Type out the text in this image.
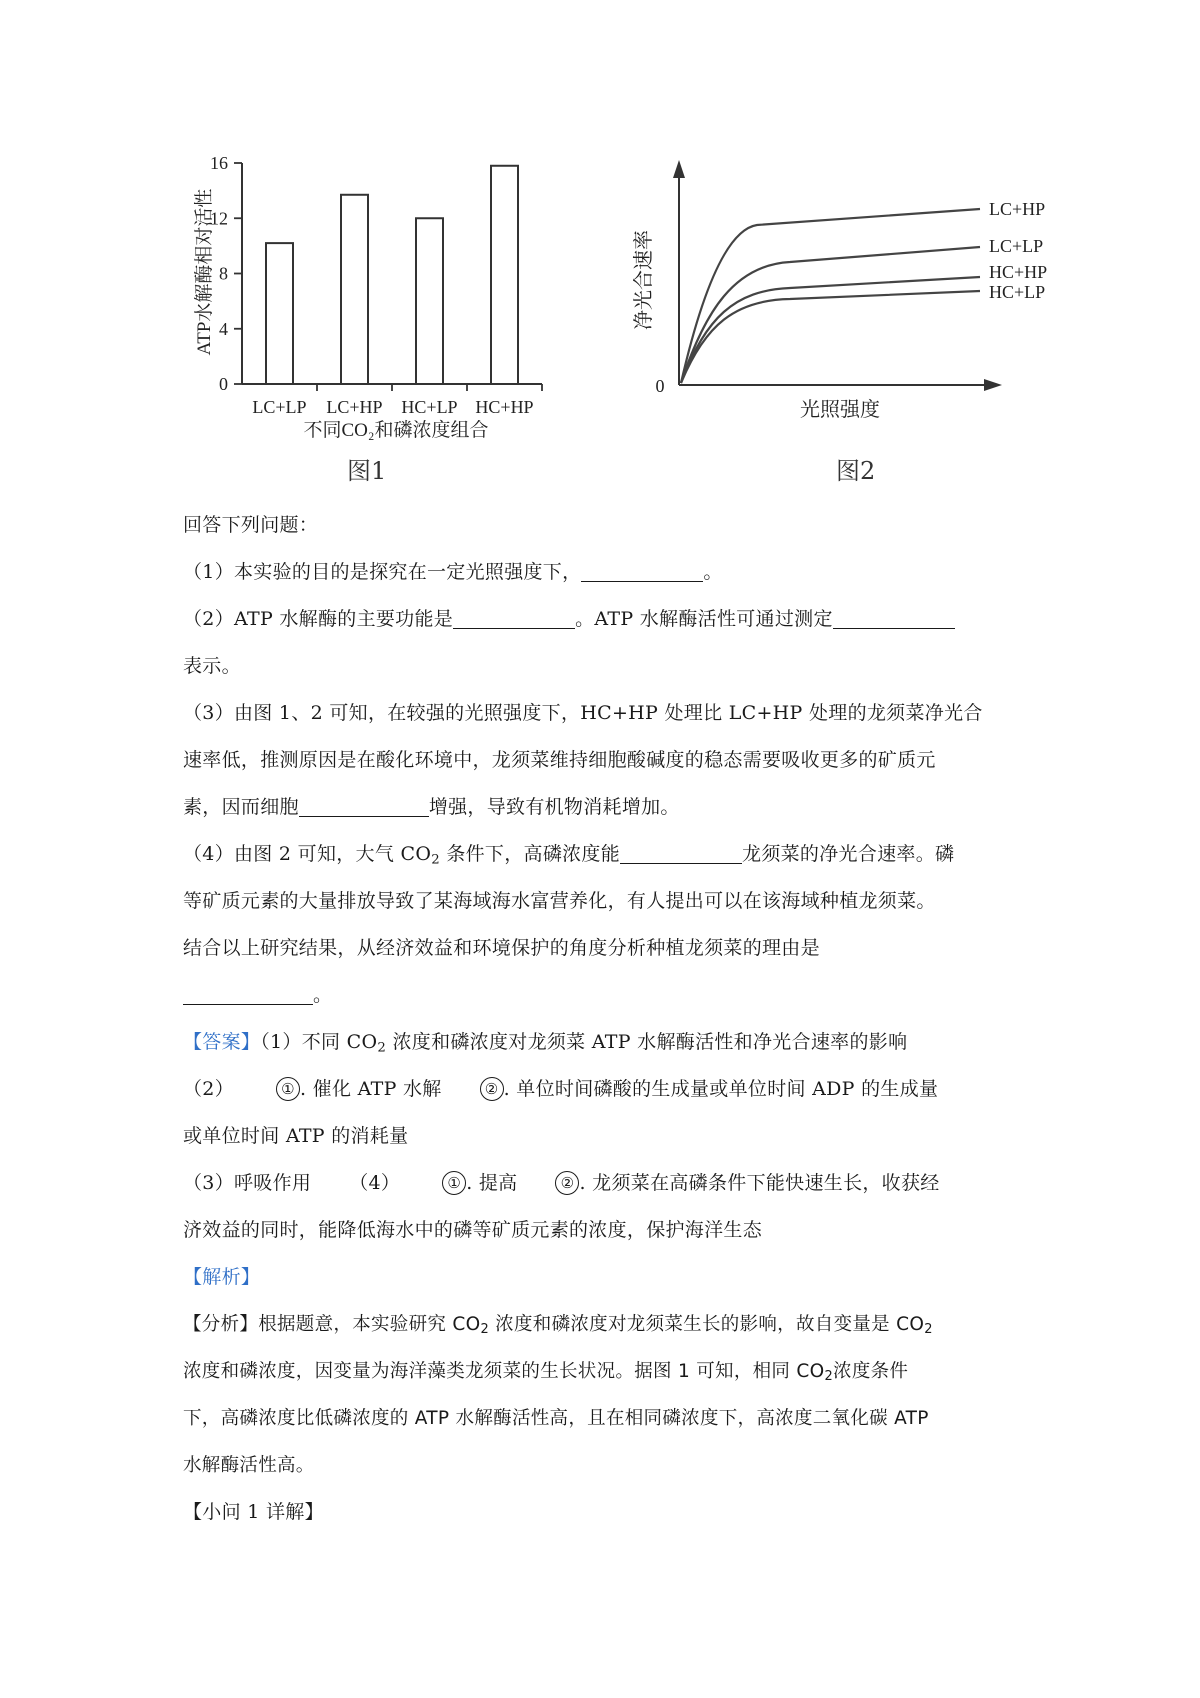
0
4
8
12
16
LC+LP LC+HP HC+LP HC+HP
ATP水解酶相对活性
不同CO₂和磷浓度组合
0
净光合速率
光照强度
LC+HP
LC+LP
HC+HP
HC+LP
图1	图2
回答下列问题：
（1）本实验的目的是探究在一定光照强度下，	。
（2）ATP 水解酶的主要功能是	。ATP 水解酶活性可通过测定
表示。
（3）由图 1、2 可知，在较强的光照强度下，HC+HP 处理比 LC+HP 处理的龙须菜净光合
速率低，推测原因是在酸化环境中，龙须菜维持细胞酸碱度的稳态需要吸收更多的矿质元
素，因而细胞	增强，导致有机物消耗增加。
（4）由图 2 可知，大气 $CO_2$ 条件下，高磷浓度能	龙须菜的净光合速率。磷
等矿质元素的大量排放导致了某海域海水富营养化，有人提出可以在该海域种植龙须菜。
结合以上研究结果，从经济效益和环境保护的角度分析种植龙须菜的理由是
。
【答案】（1）不同 $CO_2$ 浓度和磷浓度对龙须菜 ATP 水解酶活性和净光合速率的影响
（2）	① . 催化 ATP 水解	② . 单位时间磷酸的生成量或单位时间 ADP 的生成量
或单位时间 ATP 的消耗量
（3）呼吸作用 （4）	① . 提高	② . 龙须菜在高磷条件下能快速生长，收获经
济效益的同时，能降低海水中的磷等矿质元素的浓度，保护海洋生态
【解析】
【分析】根据题意，本实验研究 $CO_2$ 浓度和磷浓度对龙须菜生长的影响，故自变量是 $CO_2$
浓度和磷浓度，因变量为海洋藻类龙须菜的生长状况。据图 1 可知，相同 $CO_2$浓度条件
下，高磷浓度比低磷浓度的 ATP 水解酶活性高，且在相同磷浓度下，高浓度二氧化碳 ATP
水解酶活性高。
【小问 1 详解】
